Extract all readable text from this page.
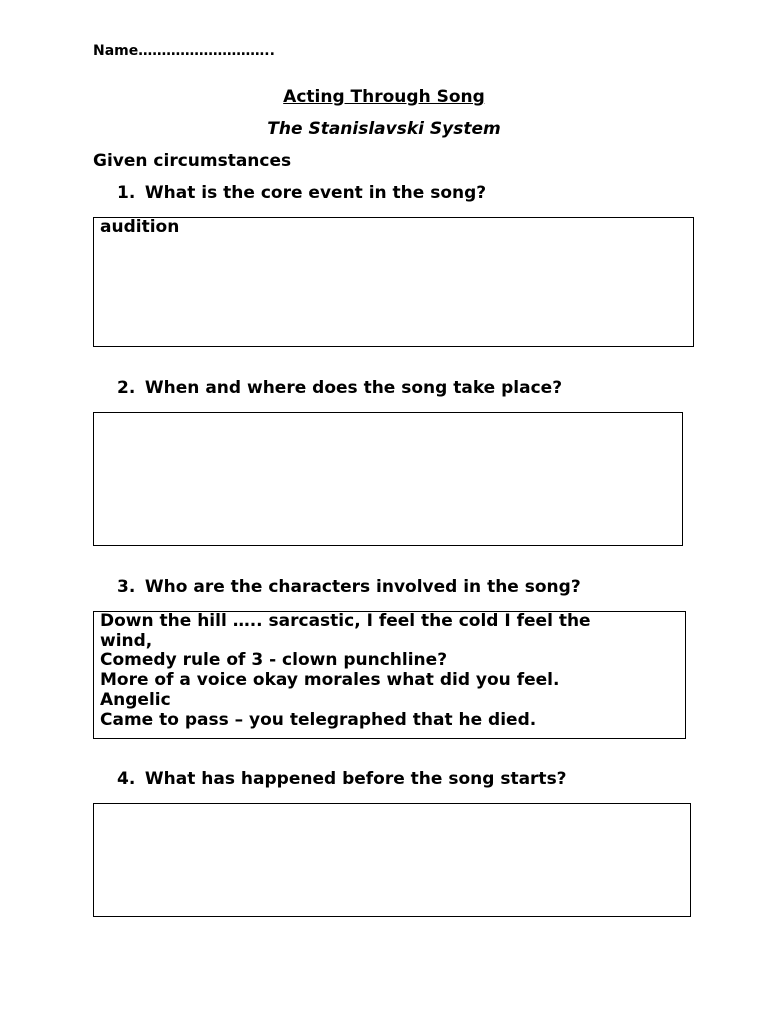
Name………………………..
Acting Through Song
The Stanislavski System
Given circumstances
1. What is the core event in the song?
audition
2. When and where does the song take place?
3. Who are the characters involved in the song?
Down the hill ….. sarcastic, I feel the cold I feel the
wind,
Comedy rule of 3 - clown punchline?
More of a voice okay morales what did you feel.
Angelic
Came to pass – you telegraphed that he died.
4. What has happened before the song starts?
